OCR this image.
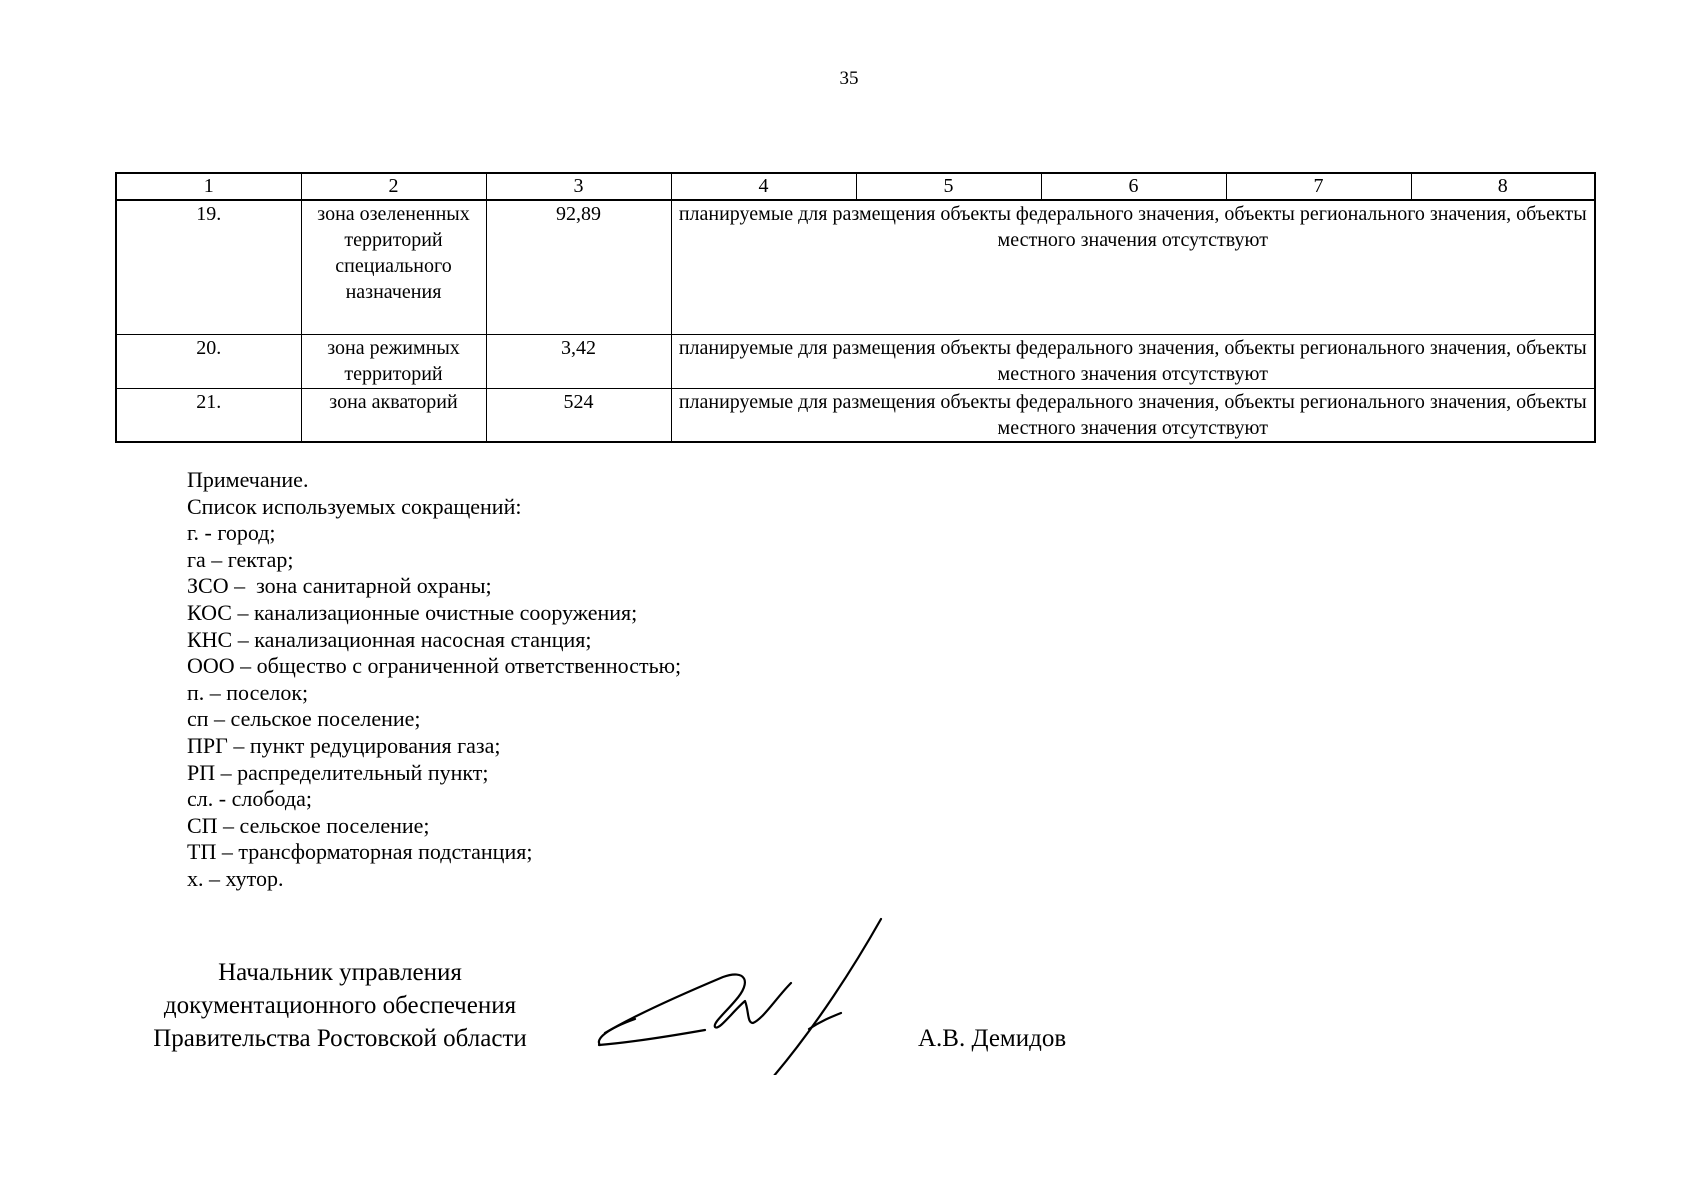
35
1	2	3	4	5	6	7	8
19.	зона озелененных территорий специального назначения	92,89	планируемые для размещения объекты федерального значения, объекты регионального значения, объекты местного значения отсутствуют				
20.	зона режимных территорий	3,42	планируемые для размещения объекты федерального значения, объекты регионального значения, объекты местного значения отсутствуют				
21.	зона акваторий	524	планируемые для размещения объекты федерального значения, объекты регионального значения, объекты местного значения отсутствуют				
Примечание.
Список используемых сокращений:
г. - город;
га – гектар;
ЗСО –  зона санитарной охраны;
КОС – канализационные очистные сооружения;
КНС – канализационная насосная станция;
ООО – общество с ограниченной ответственностью;
п. – поселок;
сп – сельское поселение;
ПРГ – пункт редуцирования газа;
РП – распределительный пункт;
сл. - слобода;
СП – сельское поселение;
ТП – трансформаторная подстанция;
х. – хутор.
Начальник управления
документационного обеспечения
Правительства Ростовской области	А.В. Демидов
